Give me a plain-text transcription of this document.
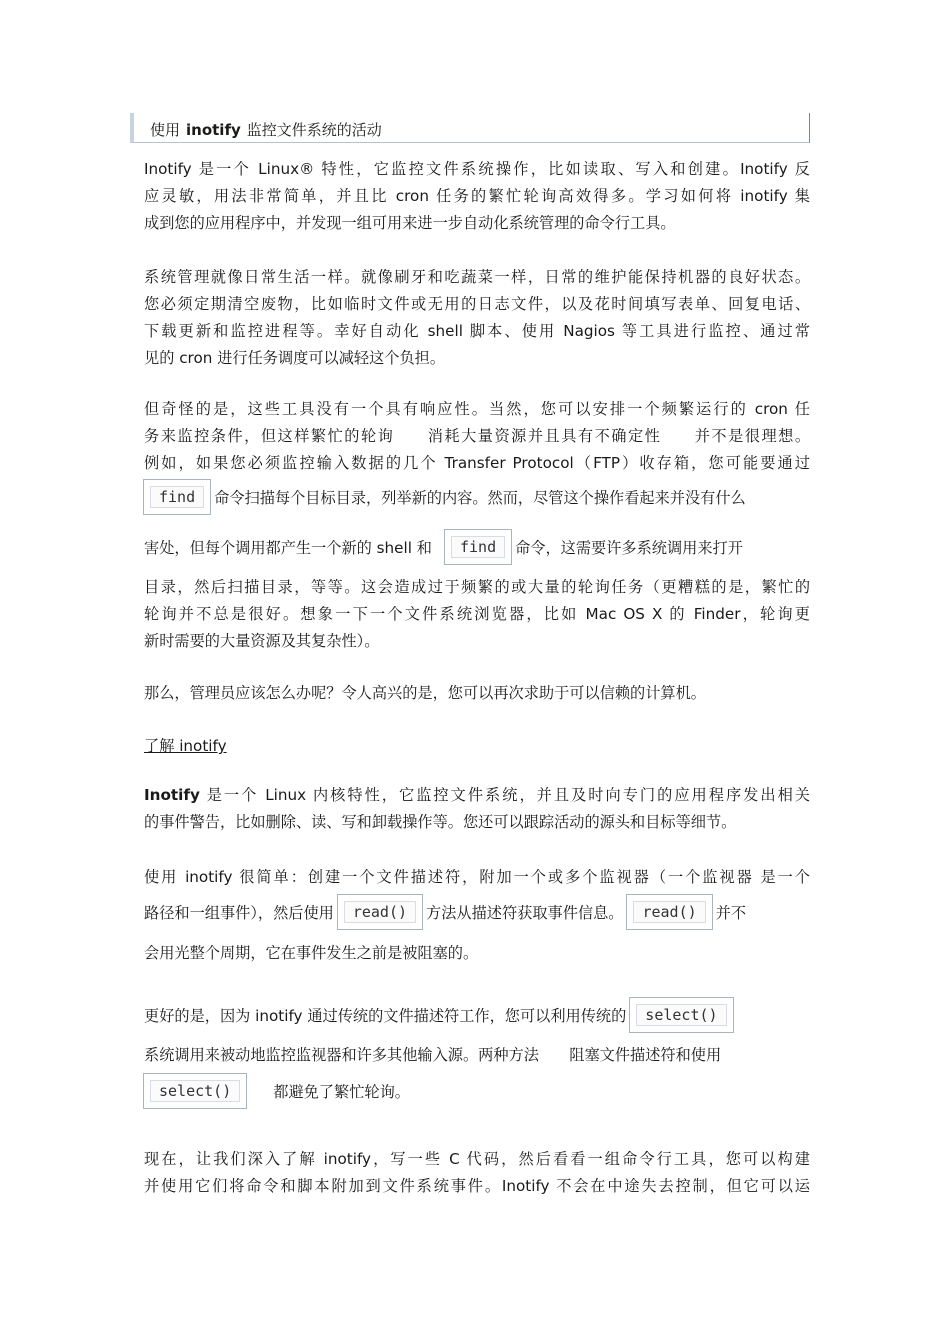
使用 inotify 监控文件系统的活动
Inotify 是一个 Linux® 特性，它监控文件系统操作，比如读取、写入和创建。Inotify 反
应灵敏，用法非常简单，并且比 cron 任务的繁忙轮询高效得多。学习如何将 inotify 集
成到您的应用程序中，并发现一组可用来进一步自动化系统管理的命令行工具。
系统管理就像日常生活一样。就像刷牙和吃蔬菜一样，日常的维护能保持机器的良好状态。
您必须定期清空废物，比如临时文件或无用的日志文件，以及花时间填写表单、回复电话、
下载更新和监控进程等。幸好自动化 shell 脚本、使用 Nagios 等工具进行监控、通过常
见的 cron 进行任务调度可以减轻这个负担。
但奇怪的是，这些工具没有一个具有响应性。当然，您可以安排一个频繁运行的 cron 任
务来监控条件，但这样繁忙的轮询　　消耗大量资源并且具有不确定性　　并不是很理想。
例如，如果您必须监控输入数据的几个 Transfer Protocol（FTP）收存箱，您可能要通过
find	命令扫描每个目标目录，列举新的内容。然而，尽管这个操作看起来并没有什么
害处，但每个调用都产生一个新的 shell 和	find	命令，这需要许多系统调用来打开
目录，然后扫描目录，等等。这会造成过于频繁的或大量的轮询任务（更糟糕的是，繁忙的
轮询并不总是很好。想象一下一个文件系统浏览器，比如 Mac OS X 的 Finder，轮询更
新时需要的大量资源及其复杂性）。
那么，管理员应该怎么办呢？令人高兴的是，您可以再次求助于可以信赖的计算机。
了解 inotify
Inotify 是一个 Linux 内核特性，它监控文件系统，并且及时向专门的应用程序发出相关
的事件警告，比如删除、读、写和卸载操作等。您还可以跟踪活动的源头和目标等细节。
使用 inotify 很简单：创建一个文件描述符，附加一个或多个监视器（一个监视器 是一个
路径和一组事件），然后使用	read()	方法从描述符获取事件信息。	read()	并不
会用光整个周期，它在事件发生之前是被阻塞的。
更好的是，因为 inotify 通过传统的文件描述符工作，您可以利用传统的	select()
系统调用来被动地监控监视器和许多其他输入源。两种方法　　阻塞文件描述符和使用
select()	都避免了繁忙轮询。
现在，让我们深入了解 inotify，写一些 C 代码，然后看看一组命令行工具，您可以构建
并使用它们将命令和脚本附加到文件系统事件。Inotify 不会在中途失去控制，但它可以运
